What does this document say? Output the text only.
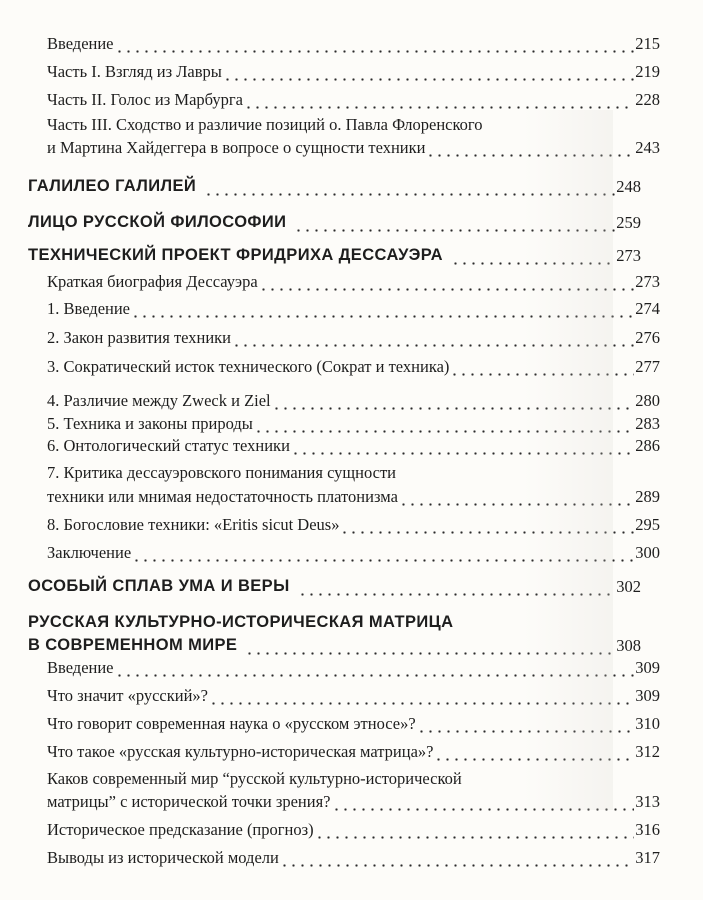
Введение	215
Часть I. Взгляд из Лавры	219
Часть II. Голос из Марбурга	228
Часть III. Сходство и различие позиций о. Павла Флоренского
и Мартина Хайдеггера в вопросе о сущности техники	243
ГАЛИЛЕО ГАЛИЛЕЙ	248
ЛИЦО РУССКОЙ ФИЛОСОФИИ	259
ТЕХНИЧЕСКИЙ ПРОЕКТ ФРИДРИХА ДЕССАУЭРА	273
Краткая биография Дессауэра	273
1. Введение	274
2. Закон развития техники	276
3. Сократический исток технического (Сократ и техника)	277
4. Различие между Zweck и Ziel	280
5. Техника и законы природы	283
6. Онтологический статус техники	286
7. Критика дессауэровского понимания сущности
техники или мнимая недостаточность платонизма	289
8. Богословие техники: «Eritis sicut Deus»	295
Заключение	300
ОСОБЫЙ СПЛАВ УМА И ВЕРЫ	302
РУССКАЯ КУЛЬТУРНО-ИСТОРИЧЕСКАЯ МАТРИЦА
В СОВРЕМЕННОМ МИРЕ	308
Введение	309
Что значит «русский»?	309
Что говорит современная наука о «русском этносе»?	310
Что такое «русская культурно-историческая матрица»?	312
Каков современный мир “русской культурно-исторической
матрицы” с исторической точки зрения?	313
Историческое предсказание (прогноз)	316
Выводы из исторической модели	317
